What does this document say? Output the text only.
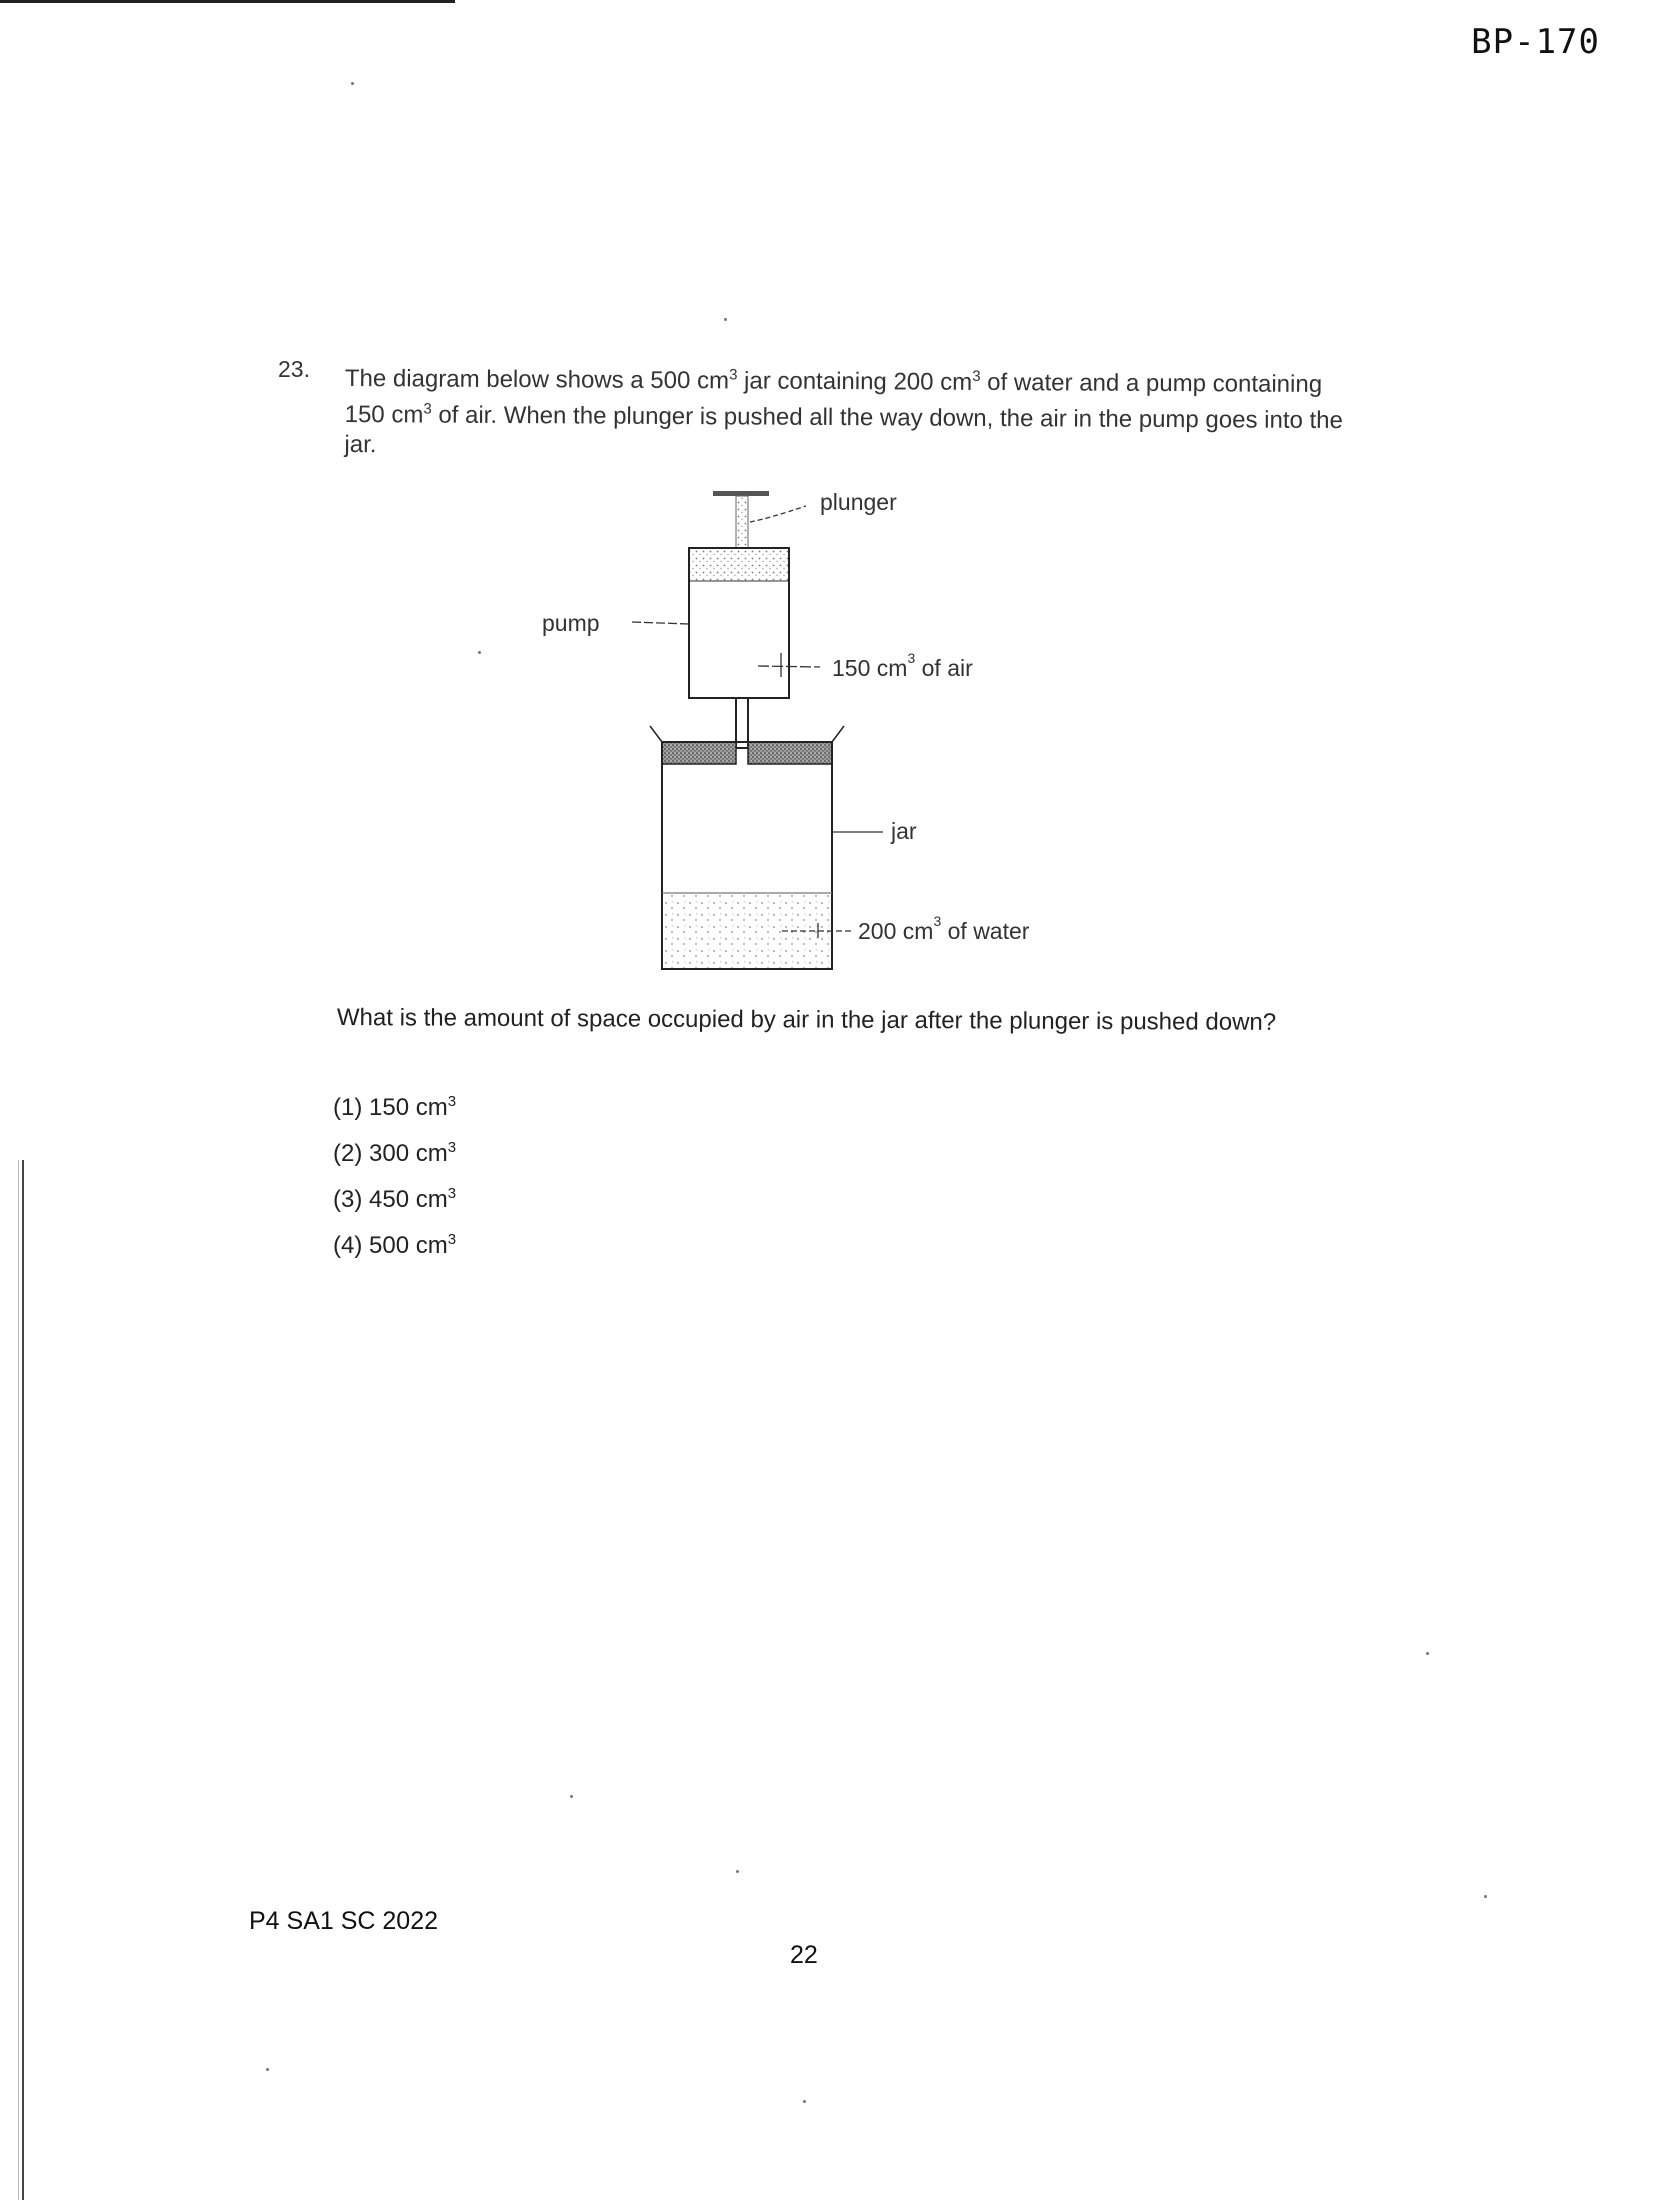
BP-170
23. The diagram below shows a 500 $cm^3$ jar containing 200 $cm^3$ of water and a pump containing 150 $cm^3$ of air. When the plunger is pushed all the way down, the air in the pump goes into the jar.
plunger
pump
150 $cm^3$ of air
jar
200 $cm^3$ of water
What is the amount of space occupied by air in the jar after the plunger is pushed down?
(1) 150 $cm^3$
(2) 300 $cm^3$
(3) 450 $cm^3$
(4) 500 $cm^3$
P4 SA1 SC 2022
22
